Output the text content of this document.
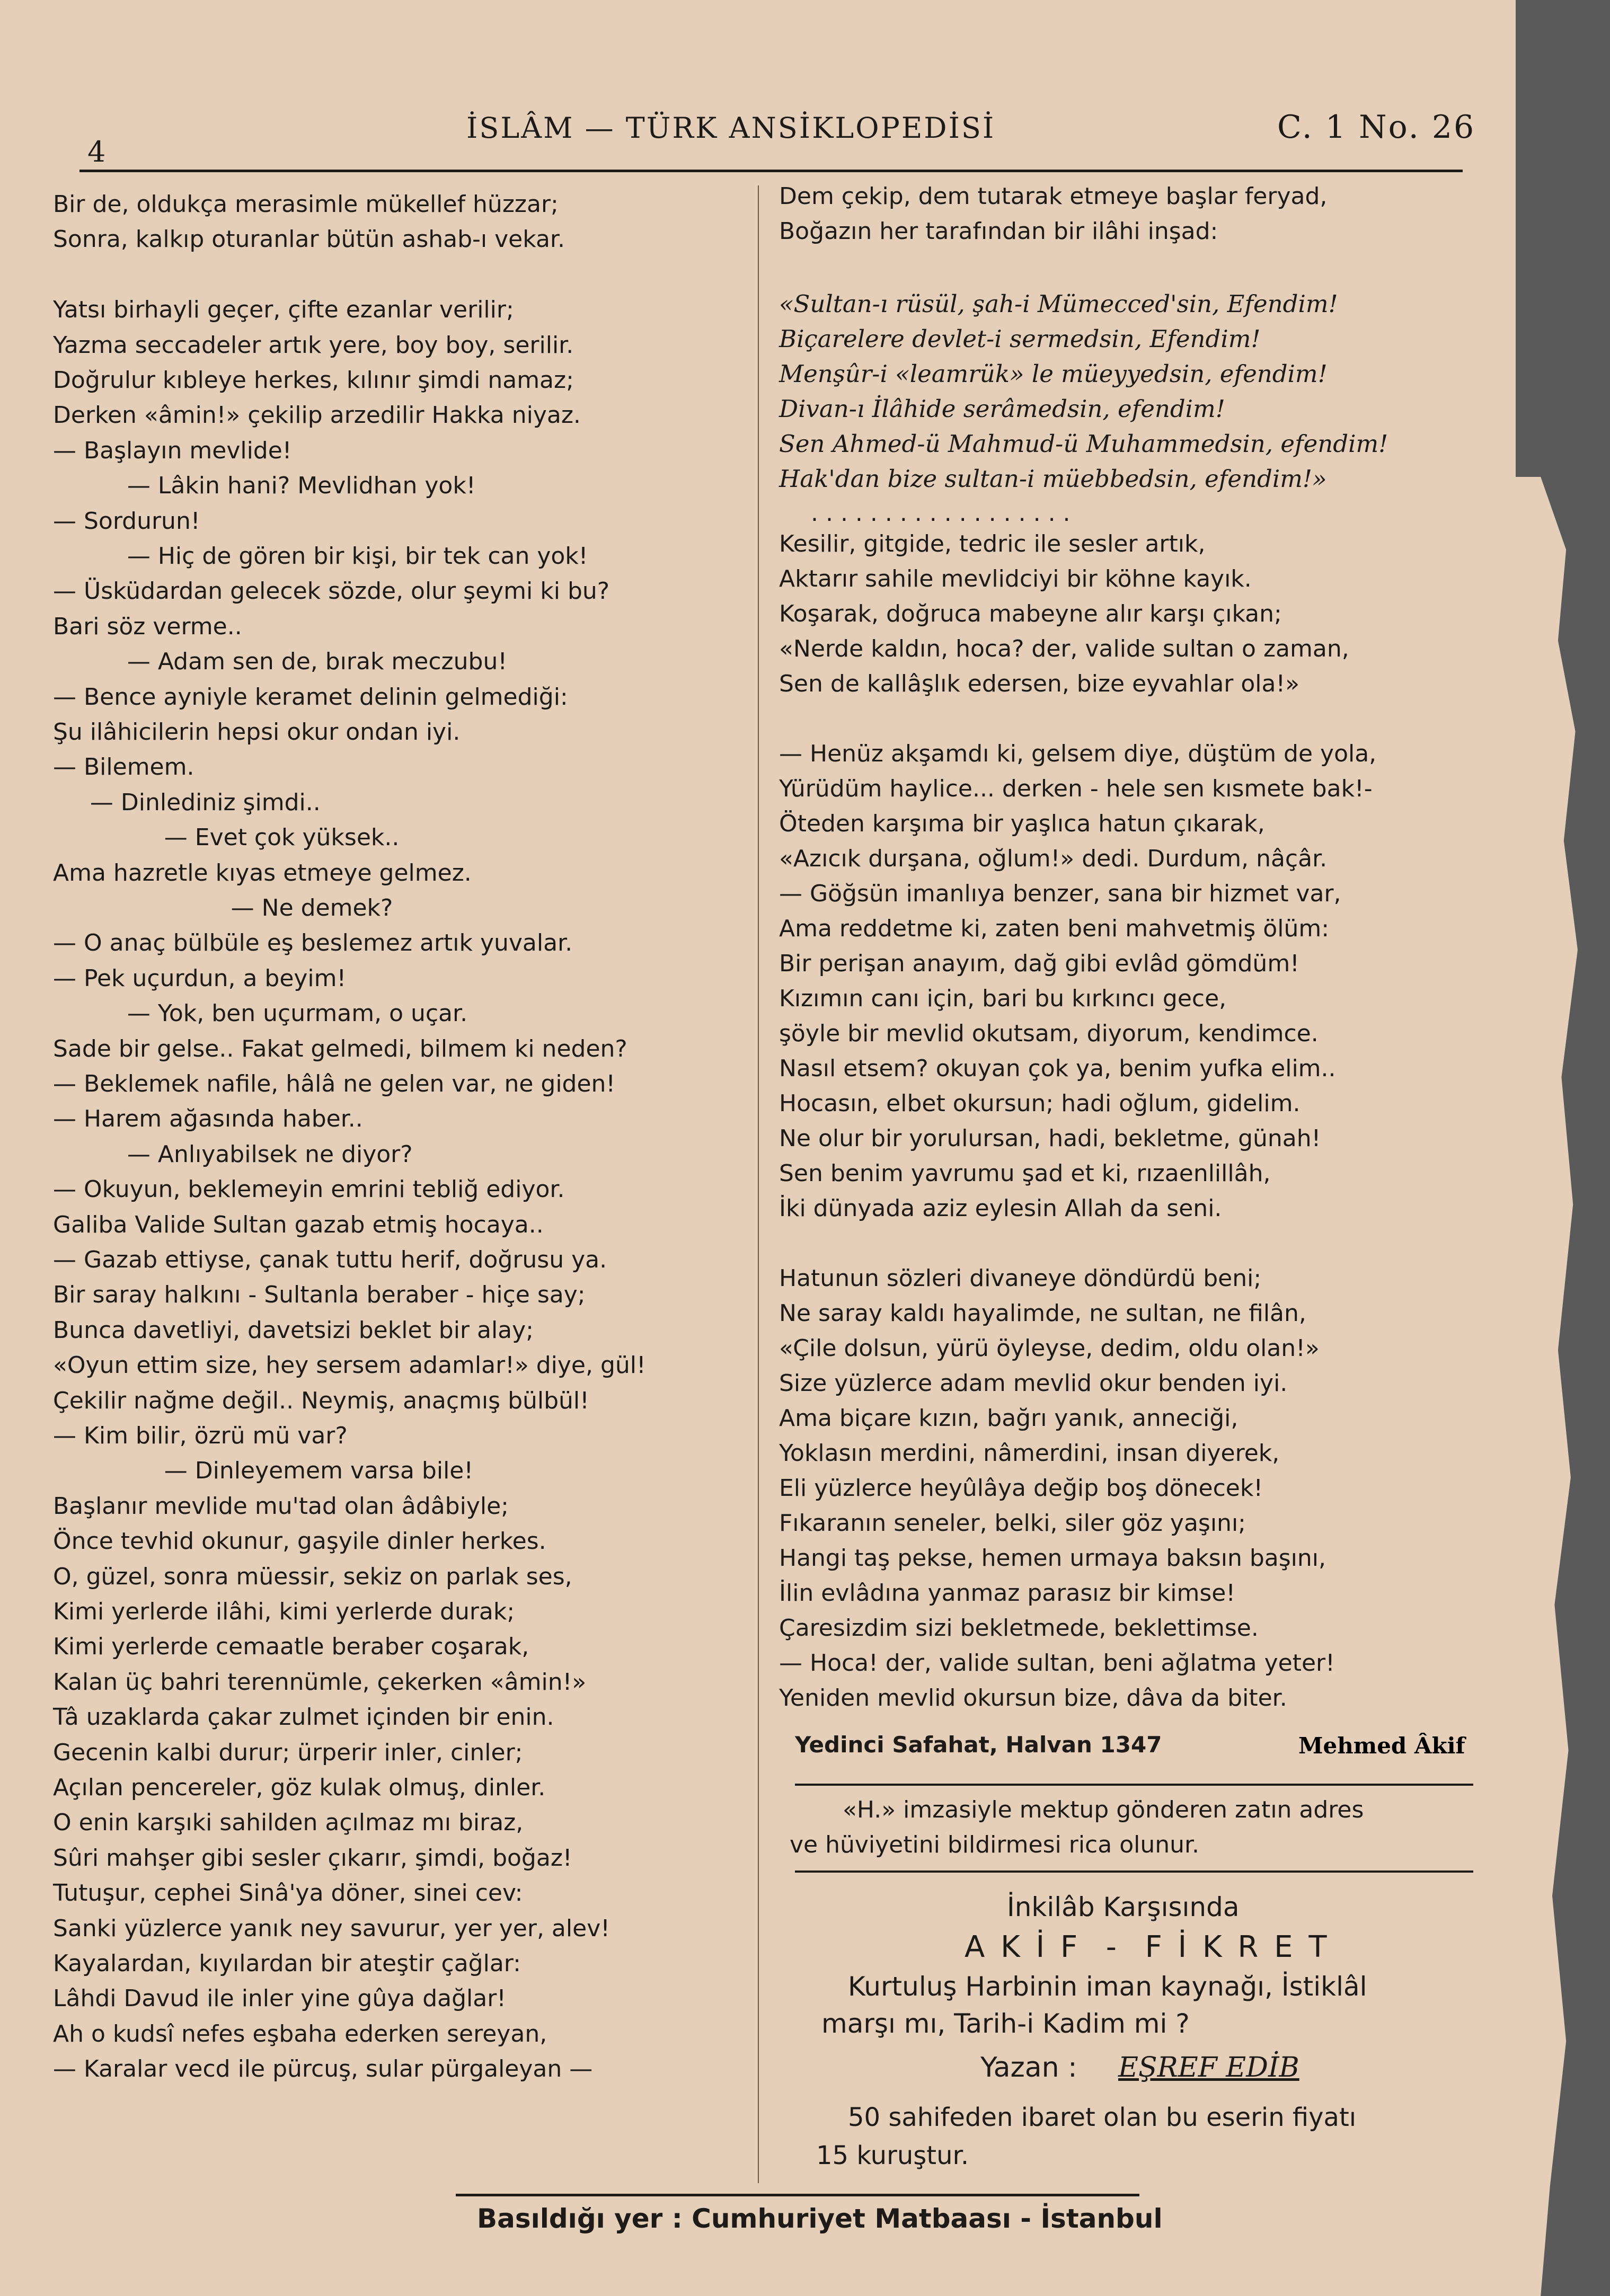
4
İSLÂM — TÜRK ANSİKLOPEDİSİ	C. 1 No. 26
Mehmed Âkif
Basıldığı yer : Cumhuriyet Matbaası - İstanbul
Bir de, oldukça merasimle mükellef hüzzar;
Sonra, kalkıp oturanlar bütün ashab-ı vekar.
Yatsı birhayli geçer, çifte ezanlar verilir;
Yazma seccadeler artık yere, boy boy, serilir.
Doğrulur kıbleye herkes, kılınır şimdi namaz;
Derken «âmin!» çekilip arzedilir Hakka niyaz.
— Başlayın mevlide!
— Lâkin hani? Mevlidhan yok!
— Sordurun!
— Hiç de gören bir kişi, bir tek can yok!
— Üsküdardan gelecek sözde, olur şeymi ki bu?
Bari söz verme..
— Adam sen de, bırak meczubu!
— Bence ayniyle keramet delinin gelmediği:
Şu ilâhicilerin hepsi okur ondan iyi.
— Bilemem.
— Dinlediniz şimdi..
— Evet çok yüksek..
Ama hazretle kıyas etmeye gelmez.
— Ne demek?
— O anaç bülbüle eş beslemez artık yuvalar.
— Pek uçurdun, a beyim!
— Yok, ben uçurmam, o uçar.
Sade bir gelse.. Fakat gelmedi, bilmem ki neden?
— Beklemek nafile, hâlâ ne gelen var, ne giden!
— Harem ağasında haber..
— Anlıyabilsek ne diyor?
— Okuyun, beklemeyin emrini tebliğ ediyor.
Galiba Valide Sultan gazab etmiş hocaya..
— Gazab ettiyse, çanak tuttu herif, doğrusu ya.
Bir saray halkını - Sultanla beraber - hiçe say;
Bunca davetliyi, davetsizi beklet bir alay;
«Oyun ettim size, hey sersem adamlar!» diye, gül!
Çekilir nağme değil.. Neymiş, anaçmış bülbül!
— Kim bilir, özrü mü var?
— Dinleyemem varsa bile!
Başlanır mevlide mu'tad olan âdâbiyle;
Önce tevhid okunur, gaşyile dinler herkes.
O, güzel, sonra müessir, sekiz on parlak ses,
Kimi yerlerde ilâhi, kimi yerlerde durak;
Kimi yerlerde cemaatle beraber coşarak,
Kalan üç bahri terennümle, çekerken «âmin!»
Tâ uzaklarda çakar zulmet içinden bir enin.
Gecenin kalbi durur; ürperir inler, cinler;
Açılan pencereler, göz kulak olmuş, dinler.
O enin karşıki sahilden açılmaz mı biraz,
Sûri mahşer gibi sesler çıkarır, şimdi, boğaz!
Tutuşur, cephei Sinâ'ya döner, sinei cev:
Sanki yüzlerce yanık ney savurur, yer yer, alev!
Kayalardan, kıyılardan bir ateştir çağlar:
Lâhdi Davud ile inler yine gûya dağlar!
Ah o kudsî nefes eşbaha ederken sereyan,
— Karalar vecd ile pürcuş, sular pürgaleyan —
Dem çekip, dem tutarak etmeye başlar feryad,
Boğazın her tarafından bir ilâhi inşad:
«Sultan-ı rüsül, şah-i Mümecced'sin, Efendim!
Biçarelere devlet-i sermedsin, Efendim!
Menşûr-i «leamrük» le müeyyedsin, efendim!
Divan-ı İlâhide serâmedsin, efendim!
Sen Ahmed-ü Mahmud-ü Muhammedsin, efendim!
Hak'dan bize sultan-i müebbedsin, efendim!»
. . . . . . . . . . . . . . . . . .
Kesilir, gitgide, tedric ile sesler artık,
Aktarır sahile mevlidciyi bir köhne kayık.
Koşarak, doğruca mabeyne alır karşı çıkan;
«Nerde kaldın, hoca? der, valide sultan o zaman,
Sen de kallâşlık edersen, bize eyvahlar ola!»
— Henüz akşamdı ki, gelsem diye, düştüm de yola,
Yürüdüm haylice... derken - hele sen kısmete bak!-
Öteden karşıma bir yaşlıca hatun çıkarak,
«Azıcık durşana, oğlum!» dedi. Durdum, nâçâr.
— Göğsün imanlıya benzer, sana bir hizmet var,
Ama reddetme ki, zaten beni mahvetmiş ölüm:
Bir perişan anayım, dağ gibi evlâd gömdüm!
Kızımın canı için, bari bu kırkıncı gece,
şöyle bir mevlid okutsam, diyorum, kendimce.
Nasıl etsem? okuyan çok ya, benim yufka elim..
Hocasın, elbet okursun; hadi oğlum, gidelim.
Ne olur bir yorulursan, hadi, bekletme, günah!
Sen benim yavrumu şad et ki, rızaenlillâh,
İki dünyada aziz eylesin Allah da seni.
Hatunun sözleri divaneye döndürdü beni;
Ne saray kaldı hayalimde, ne sultan, ne filân,
«Çile dolsun, yürü öyleyse, dedim, oldu olan!»
Size yüzlerce adam mevlid okur benden iyi.
Ama biçare kızın, bağrı yanık, anneciği,
Yoklasın merdini, nâmerdini, insan diyerek,
Eli yüzlerce heyûlâya değip boş dönecek!
Fıkaranın seneler, belki, siler göz yaşını;
Hangi taş pekse, hemen urmaya baksın başını,
İlin evlâdına yanmaz parasız bir kimse!
Çaresizdim sizi bekletmede, beklettimse.
— Hoca! der, valide sultan, beni ağlatma yeter!
Yeniden mevlid okursun bize, dâva da biter.
Yedinci Safahat, Halvan 1347
«H.» imzasiyle mektup gönderen zatın adres
ve hüviyetini bildirmesi rica olunur.
İnkilâb Karşısında
A K İ F  -  F İ K R E T
Kurtuluş Harbinin iman kaynağı, İstiklâl
marşı mı, Tarih-i Kadim mi ?
Yazan : EŞREF EDİB
50 sahifeden ibaret olan bu eserin fiyatı
15 kuruştur.
